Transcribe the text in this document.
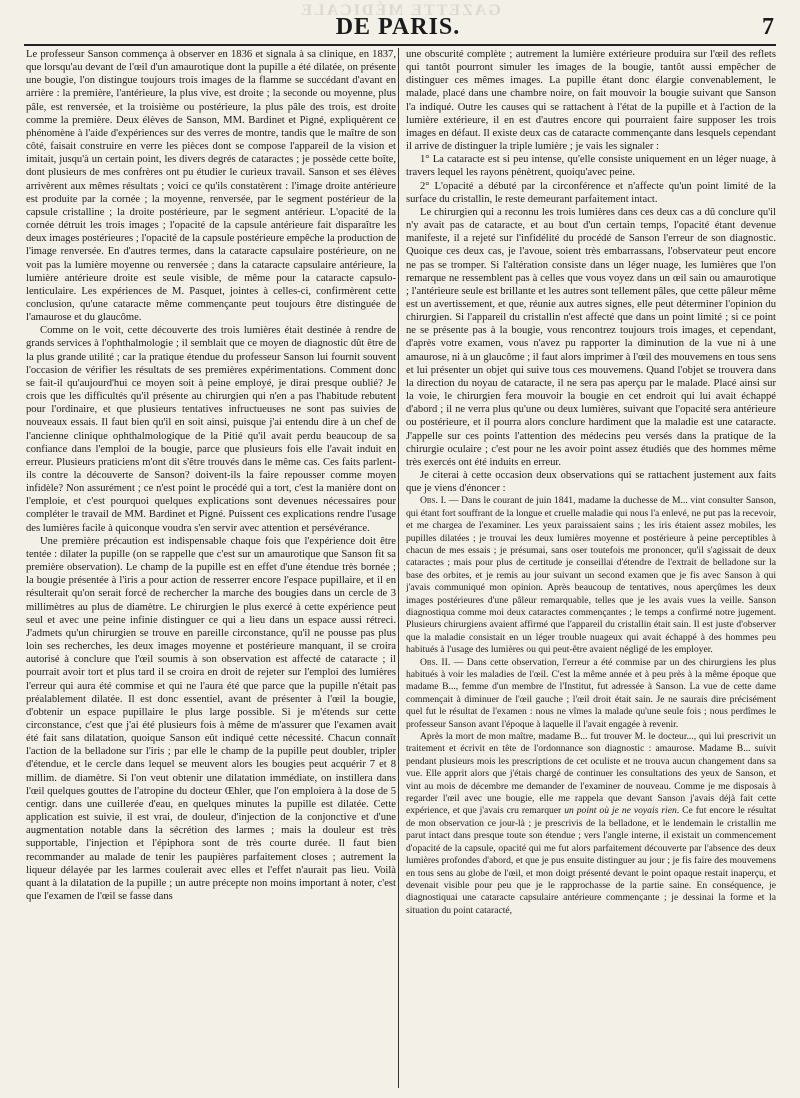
GAZETTE MÉDICALE
DE PARIS.	7

Le professeur Sanson commença à observer en 1836 et signala à sa clinique, en 1837, que lorsqu'au devant de l'œil d'un amaurotique dont la pupille a été dilatée, on présente une bougie, l'on distingue toujours trois images de la flamme se succédant d'avant en arrière : la première, l'antérieure, la plus vive, est droite ; la seconde ou moyenne, plus pâle, est renversée, et la troisième ou postérieure, la plus pâle des trois, est droite comme la première. Deux élèves de Sanson, MM. Bardinet et Pigné, expliquèrent ce phénomène à l'aide d'expériences sur des verres de montre, tandis que le maître de son côté, faisait construire en verre les pièces dont se compose l'appareil de la vision et imitait, jusqu'à un certain point, les divers degrés de cataractes ; je possède cette boîte, dont plusieurs de mes confrères ont pu étudier le curieux travail. Sanson et ses élèves arrivèrent aux mêmes résultats ; voici ce qu'ils constatèrent : l'image droite antérieure est produite par la cornée ; la moyenne, renversée, par le segment postérieur de la capsule cristalline ; la droite postérieure, par le segment antérieur. L'opacité de la cornée détruit les trois images ; l'opacité de la capsule antérieure fait disparaître les deux images postérieures ; l'opacité de la capsule postérieure empêche la production de l'image renversée. En d'autres termes, dans la cataracte capsulaire postérieure, on ne voit pas la lumière moyenne ou renversée ; dans la cataracte capsulaire antérieure, la lumière antérieure droite est seule visible, de même pour la cataracte capsulo-lenticulaire. Les expériences de M. Pasquet, jointes à celles-ci, confirmèrent cette conclusion, qu'une cataracte même commençante peut toujours être distinguée de l'amaurose et du glaucôme.

Comme on le voit, cette découverte des trois lumières était destinée à rendre de grands services à l'ophthalmologie ; il semblait que ce moyen de diagnostic dût être de la plus grande utilité ; car la pratique étendue du professeur Sanson lui fournit souvent l'occasion de vérifier les résultats de ses premières expérimentations. Comment donc se fait-il qu'aujourd'hui ce moyen soit à peine employé, je dirai presque oublié? Je crois que les difficultés qu'il présente au chirurgien qui n'en a pas l'habitude rebutent pour l'ordinaire, et que plusieurs tentatives infructueuses ne sont pas suivies de nouveaux essais. Il faut bien qu'il en soit ainsi, puisque j'ai entendu dire à un chef de l'ancienne clinique ophthalmologique de la Pitié qu'il avait perdu beaucoup de sa confiance dans l'emploi de la bougie, parce que plusieurs fois elle l'avait induit en erreur. Plusieurs praticiens m'ont dit s'être trouvés dans le même cas. Ces faits parlent-ils contre la découverte de Sanson? doivent-ils la faire repousser comme moyen infidèle? Non assurément ; ce n'est point le procédé qui a tort, c'est la manière dont on l'emploie, et c'est pourquoi quelques explications sont devenues nécessaires pour compléter le travail de MM. Bardinet et Pigné. Puissent ces explications rendre l'usage des lumières facile à quiconque voudra s'en servir avec attention et persévérance.

Une première précaution est indispensable chaque fois que l'expérience doit être tentée : dilater la pupille (on se rappelle que c'est sur un amaurotique que Sanson fit sa première observation). Le champ de la pupille est en effet d'une étendue très bornée ; la bougie présentée à l'iris a pour action de resserrer encore l'espace pupillaire, et il en résulterait qu'on serait forcé de rechercher la marche des bougies dans un cercle de 3 millimètres au plus de diamètre. Le chirurgien le plus exercé à cette expérience peut seul et avec une peine infinie distinguer ce qui a lieu dans un espace aussi rétreci. J'admets qu'un chirurgien se trouve en pareille circonstance, qu'il ne pousse pas plus loin ses recherches, les deux images moyenne et postérieure manquant, il se croira autorisé à conclure que l'œil soumis à son observation est affecté de cataracte ; il pourrait avoir tort et plus tard il se croira en droit de rejeter sur l'emploi des lumières l'erreur qui aura été commise et qui ne l'aura été que parce que la pupille n'était pas préalablement dilatée. Il est donc essentiel, avant de présenter à l'œil la bougie, d'obtenir un espace pupillaire le plus large possible. Si je m'étends sur cette circonstance, c'est que j'ai été plusieurs fois à même de m'assurer que l'examen avait été fait sans dilatation, quoique Sanson eût indiqué cette nécessité. Chacun connaît l'action de la belladone sur l'iris ; par elle le champ de la pupille peut doubler, tripler d'étendue, et le cercle dans lequel se meuvent alors les bougies peut acquérir 7 et 8 millim. de diamètre. Si l'on veut obtenir une dilatation immédiate, on instillera dans l'œil quelques gouttes de l'atropine du docteur Œhler, que l'on emploiera à la dose de 5 centigr. dans une cuillerée d'eau, en quelques minutes la pupille est dilatée. Cette application est suivie, il est vrai, de douleur, d'injection de la conjonctive et d'une augmentation notable dans la sécrétion des larmes ; mais la douleur est très supportable, l'injection et l'épiphora sont de très courte durée. Il faut bien recommander au malade de tenir les paupières parfaitement closes ; autrement la liqueur délayée par les larmes coulerait avec elles et l'effet n'aurait pas lieu. Voilà quant à la dilatation de la pupille ; un autre précepte non moins important à noter, c'est que l'examen de l'œil se fasse dans

une obscurité complète ; autrement la lumière extérieure produira sur l'œil des reflets qui tantôt pourront simuler les images de la bougie, tantôt aussi empêcher de distinguer ces mêmes images. La pupille étant donc élargie convenablement, le malade, placé dans une chambre noire, on fait mouvoir la bougie suivant que Sanson l'a indiqué. Outre les causes qui se rattachent à l'état de la pupille et à l'action de la lumière extérieure, il en est d'autres encore qui pourraient faire supposer les trois images en défaut. Il existe deux cas de cataracte commençante dans lesquels cependant il arrive de distinguer la triple lumière ; je vais les signaler :

1° La cataracte est si peu intense, qu'elle consiste uniquement en un léger nuage, à travers lequel les rayons pénètrent, quoiqu'avec peine.

2° L'opacité a débuté par la circonférence et n'affecte qu'un point limité de la surface du cristallin, le reste demeurant parfaitement intact.

Le chirurgien qui a reconnu les trois lumières dans ces deux cas a dû conclure qu'il n'y avait pas de cataracte, et au bout d'un certain temps, l'opacité étant devenue manifeste, il a rejeté sur l'infidélité du procédé de Sanson l'erreur de son diagnostic. Quoique ces deux cas, je l'avoue, soient très embarrassans, l'observateur peut encore ne pas se tromper. Si l'altération consiste dans un léger nuage, les lumières que l'on remarque ne ressemblent pas à celles que vous voyez dans un œil sain ou amaurotique ; l'antérieure seule est brillante et les autres sont tellement pâles, que cette pâleur même est un avertissement, et que, réunie aux autres signes, elle peut déterminer l'opinion du chirurgien. Si l'appareil du cristallin n'est affecté que dans un point limité ; si ce point ne se présente pas à la bougie, vous rencontrez toujours trois images, et cependant, d'après votre examen, vous n'avez pu rapporter la diminution de la vue ni à une amaurose, ni à un glaucôme ; il faut alors imprimer à l'œil des mouvemens en tous sens et lui présenter un objet qui suive tous ces mouvemens. Quand l'objet se trouvera dans la direction du noyau de cataracte, il ne sera pas aperçu par le malade. Placé ainsi sur la voie, le chirurgien fera mouvoir la bougie en cet endroit qui lui avait échappé d'abord ; il ne verra plus qu'une ou deux lumières, suivant que l'opacité sera antérieure ou postérieure, et il pourra alors conclure hardiment que la maladie est une cataracte. J'appelle sur ces points l'attention des médecins peu versés dans la pratique de la chirurgie oculaire ; c'est pour ne les avoir point assez étudiés que des hommes même très exercés ont été induits en erreur.

Je citerai à cette occasion deux observations qui se rattachent justement aux faits que je viens d'énoncer :

Obs. I. — Dans le courant de juin 1841, madame la duchesse de M... vint consulter Sanson, qui étant fort souffrant de la longue et cruelle maladie qui nous l'a enlevé, ne put pas la recevoir, et me chargea de l'examiner. Les yeux paraissaient sains ; les iris étaient assez mobiles, les pupilles dilatées ; je trouvai les deux lumières moyenne et postérieure à peine perceptibles à chacun de mes essais ; je présumai, sans oser toutefois me prononcer, qu'il s'agissait de deux cataractes ; mais pour plus de certitude je conseillai d'étendre de l'extrait de belladone sur la base des orbites, et je remis au jour suivant un second examen que je fis avec Sanson à qui j'avais communiqué mon opinion. Après beaucoup de tentatives, nous aperçûmes les deux images postérieures d'une pâleur remarquable, telles que je les avais vues la veille. Sanson diagnostiqua comme moi deux cataractes commençantes ; le temps a confirmé notre jugement. Plusieurs chirurgiens avaient affirmé que l'appareil du cristallin était sain. Il est juste d'observer que la maladie consistait en un léger trouble nuageux qui avait échappé à des hommes peu habitués à l'usage des lumières ou qui peut-être avaient négligé de les employer.

Obs. II. — Dans cette observation, l'erreur a été commise par un des chirurgiens les plus habitués à voir les maladies de l'œil. C'est la même année et à peu près à la même époque que madame B..., femme d'un membre de l'Institut, fut adressée à Sanson. La vue de cette dame commençait à diminuer de l'œil gauche ; l'œil droit était sain. Je ne saurais dire précisément quel fut le résultat de l'examen : nous ne vîmes la malade qu'une seule fois ; nous perdîmes le professeur Sanson avant l'époque à laquelle il l'avait engagée à revenir.

Après la mort de mon maître, madame B... fut trouver M. le docteur..., qui lui prescrivit un traitement et écrivit en tête de l'ordonnance son diagnostic : amaurose. Madame B... suivit pendant plusieurs mois les prescriptions de cet oculiste et ne trouva aucun changement dans sa vue. Elle apprit alors que j'étais chargé de continuer les consultations des yeux de Sanson, et vint au mois de décembre me demander de l'examiner de nouveau. Comme je me disposais à regarder l'œil avec une bougie, elle me rappela que devant Sanson j'avais déjà fait cette expérience, et que j'avais cru remarquer un point où je ne voyais rien. Ce fut encore le résultat de mon observation ce jour-là ; je prescrivis de la belladone, et le lendemain le cristallin me parut intact dans presque toute son étendue ; vers l'angle interne, il existait un commencement d'opacité de la capsule, opacité qui me fut alors parfaitement découverte par l'absence des deux lumières profondes d'abord, et que je pus ensuite distinguer au jour ; je fis faire des mouvemens en tous sens au globe de l'œil, et mon doigt présenté devant le point opaque restait inaperçu, et devenait visible pour peu que je le rapprochasse de la partie saine. En conséquence, je diagnostiquai une cataracte capsulaire antérieure commençante ; je dessinai la forme et la situation du point cataracté,
